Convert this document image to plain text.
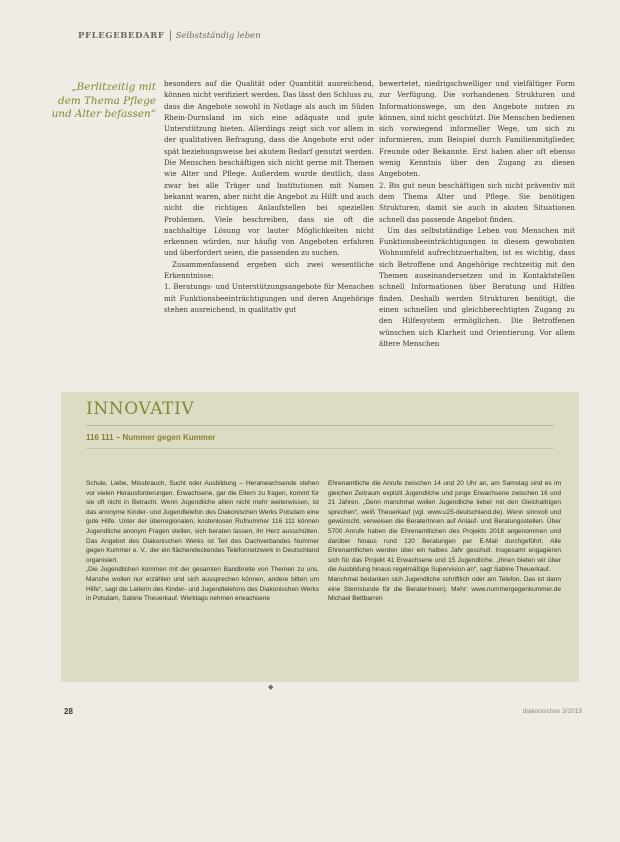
PFLEGEBEDARF Selbstständig leben
„Berlitzeitig mit dem Thema Pflege und Alter befassen“

besonders auf die Qualität oder Quantität ausreichend, können nicht verifiziert werden. Das lässt den Schluss zu, dass die Angebote sowohl in Notlage als auch im Süden Rhein-Durnsland im sich eine adäquate und gute Unterstützung bieten. Allerdings zeigt sich vor allem in der qualitativen Befragung, dass die Angebote erst oder spät beziehungsweise bei akutem Bedarf genutzt werden. Die Menschen beschäftigen sich nicht gerne mit Themen wie Alter und Pflege. Außerdem wurde deutlich, dass zwar bei alle Träger und Institutionen mit Namen bekannt waren, aber nicht die Angebot zu Hilft und auch nicht die richtigen Anlaufstellen bei speziellen Problemen. Viele beschreiben, dass sie oft die nachhaltige Lösung vor lauter Möglichkeiten nicht erkennen würden, nur häufig von Angeboten erfahren und überfordert seien, die passenden zu suchen.

Zusammenfassend ergeben sich zwei wesentliche Erkenntnisse:

1. Beratungs- und Unterstützungsangebote für Menschen mit Funktionsbeeinträchtigungen und deren Angehörige stehen ausreichend, in qualitativ gut

bewertetet, niedrigschwelliger und vielfältiger Form zur Verfügung. Die vorhandenen Strukturen und Informationswege, um den Angebote nutzen zu können, sind nicht geschützt. Die Menschen bedienen sich vorwiegend informeller Wege, um sich zu informieren, zum Beispiel durch Familienmitglieder, Freunde oder Bekannte. Erst haben aber oft ebenso wenig Kenntnis über den Zugang zu diesen Angeboten.

2. Bis gut neun beschäftigen sich nicht präventiv mit dem Thema Alter und Pflege. Sie benötigen Strukturen, damit sie auch in akuten Situationen schnell das passende Angebot finden.

Um das selbstständige Leben von Menschen mit Funktionsbeeinträchtigungen in diesem gewohnten Wohnumfeld aufrechtzuerhalten, ist es wichtig, dass sich Betroffene und Angehörige rechtzeitig mit den Themen auseinandersetzen und in Kontaktstellen schnell Informationen über Beratung und Hilfen finden. Deshalb werden Strukturen benötigt, die einen schnellen und gleichberechtigten Zugang zu den Hilfesystem ermöglichen. Die Betroffenen wünschen sich Klarheit und Orientierung. Vor allem ältere Menschen

INNOVATIV
116 111 – Nummer gegen Kummer

Schule, Liebe, Missbrauch, Sucht oder Ausbildung – Heranwachsende stehen vor vielen Herausforderungen. Erwachsene, gar die Eltern zu fragen, kommt für sie oft nicht in Betracht. Wenn Jugendliche allein nicht mehr weiterwissen, ist das anonyme Kinder- und Jugendtelefon des Diakonischen Werks Potsdam eine gute Hilfe. Unter der überregionalen, kostenlosen Rufnummer 116 111 können Jugendliche anonym Fragen stellen, sich beraten lassen, ihr Herz ausschütten. Das Angebot des Diakonischen Werks ist Teil des Dachverbandes Nummer gegen Kummer e. V., der ein flächendeckendes Telefonnetzwerk in Deutschland organisiert.

„Die Jugendlichen kommen mit der gesamten Bandbreite von Themen zu uns. Manche wollen nur erzählen und sich aussprechen können, andere bitten um Hilfe“, sagt die Leiterin des Kinder- und Jugendtelefons des Diakonischen Werks in Potsdam, Sabine Theuerkauf. Werktags nehmen erwachsene

Ehrenamtliche die Anrufe zwischen 14 und 20 Uhr an, am Samstag sind es im gleichen Zeitraum explizit Jugendliche und junge Erwachsene zwischen 16 und 21 Jahren. „Denn manchmal wollen Jugendliche lieber mit den Gleichaltrigen sprechen“, weiß Theuerkauf (vgl. www.u25-deutschland.de). Wenn sinnvoll und gewünscht, verweisen die BeraterInnen auf Anlauf- und Beratungsstellen. Über 5700 Anrufe haben die Ehrenamtlichen des Projekts 2018 angenommen und darüber hinaus rund 120 Beratungen per E-Mail durchgeführt. Alle Ehrenamtlichen werden über ein halbes Jahr geschult. Insgesamt engagieren sich für das Projekt 41 Erwachsene und 15 Jugendliche. „Ihnen bieten wir über die Ausbildung hinaus regelmäßige Supervision an“, sagt Sabine Theuerkauf.

Manchmal bedanken sich Jugendliche schriftlich oder am Telefon. Das ist dann eine Sternstunde für die BeraterInnen). Mehr: www.nummergegenkummer.de Michael Bettbarren

◆
28	diakonisches 3/2019
